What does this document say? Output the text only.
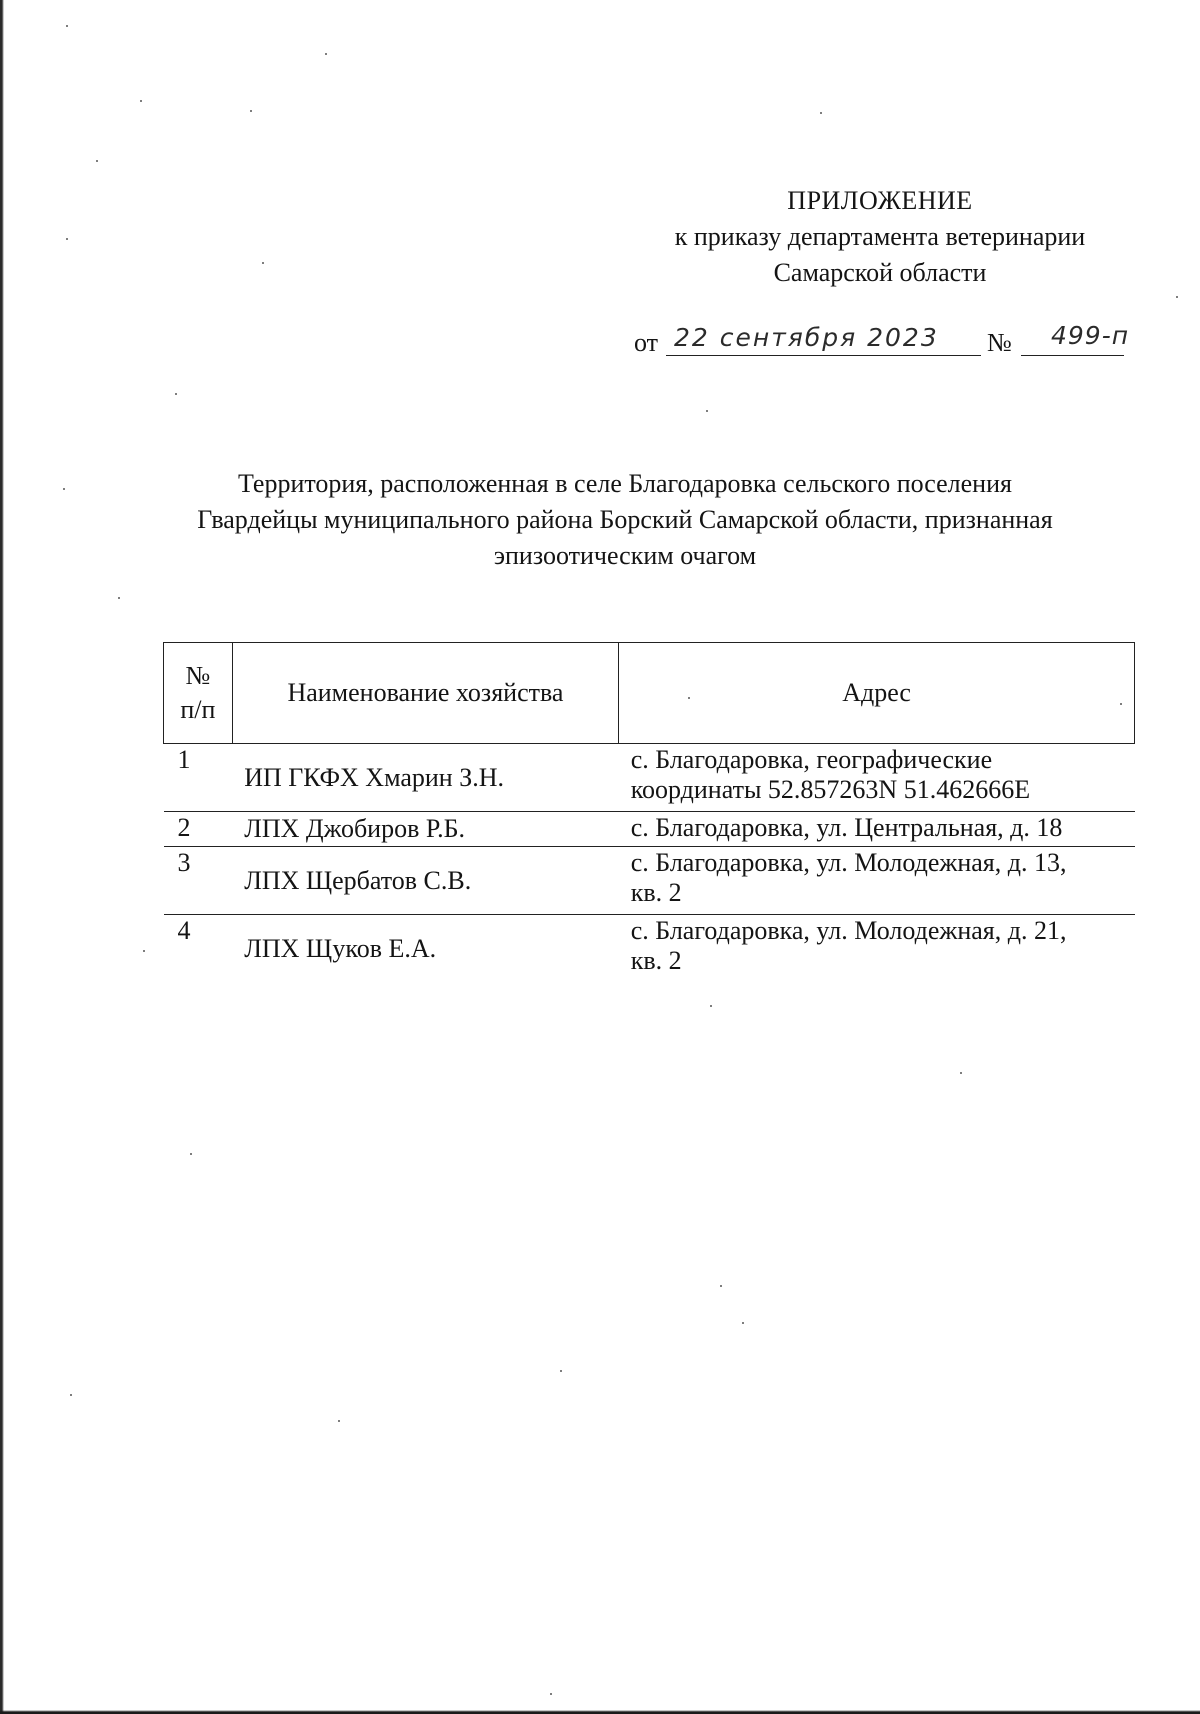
ПРИЛОЖЕНИЕ
к приказу департамента ветеринарии
Самарской области
от 22 сентября 2023 № 499-п
Территория, расположенная в селе Благодаровка сельского поселения
Гвардейцы муниципального района Борский Самарской области, признанная
эпизоотическим очагом
№
п/п	Наименование хозяйства	Адрес
1	ИП ГКФХ Хмарин З.Н.	с. Благодаровка, географические
координаты 52.857263N 51.462666E

2	ЛПХ Джобиров Р.Б.	с. Благодаровка, ул. Центральная, д. 18

3	ЛПХ Щербатов С.В.	с. Благодаровка, ул. Молодежная, д. 13,
кв. 2

4	ЛПХ Щуков Е.А.	с. Благодаровка, ул. Молодежная, д. 21,
кв. 2
